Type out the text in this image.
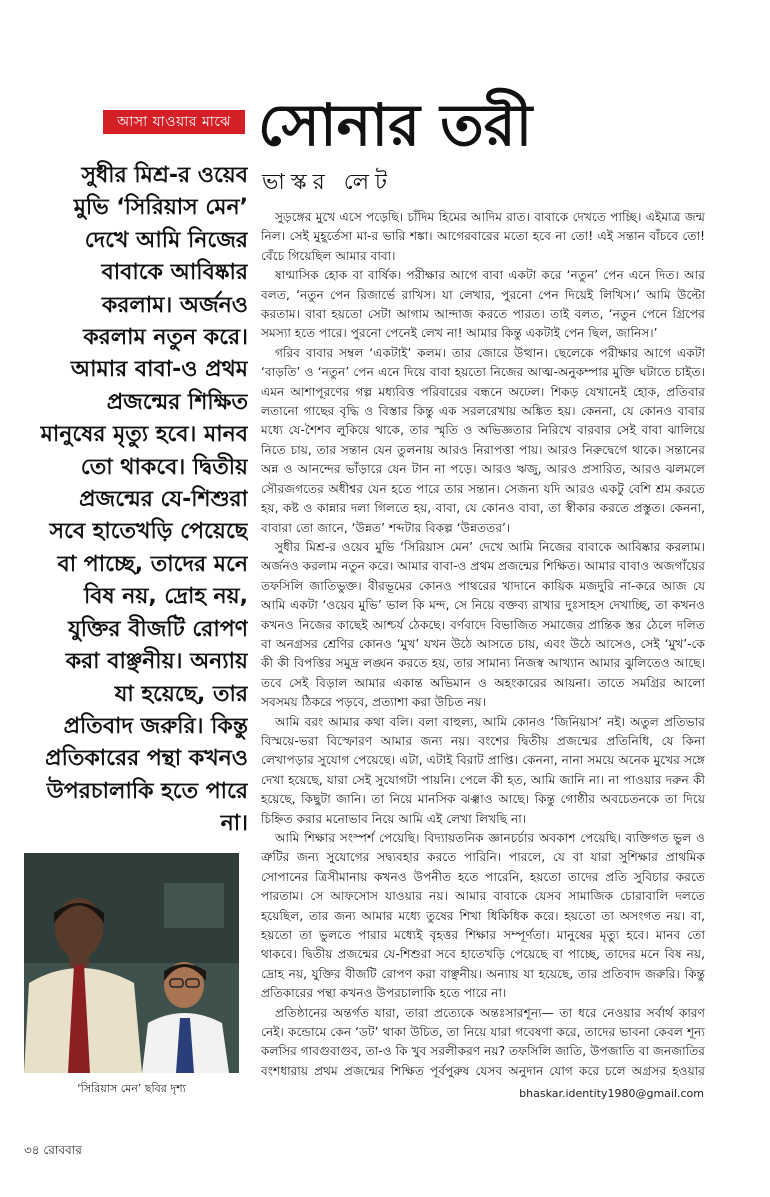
আসা যাওয়ার মাঝে সোনার তরী
ভাস্কর লেট

সুধীর মিশ্র-র ওয়েব মুভি ‘সিরিয়াস মেন’ দেখে আমি নিজের বাবাকে আবিষ্কার করলাম। অর্জনও করলাম নতুন করে। আমার বাবা-ও প্রথম প্রজন্মের শিক্ষিত মানুষের মৃত্যু হবে। মানব তো থাকবে। দ্বিতীয় প্রজন্মের যে-শিশুরা সবে হাতেখড়ি পেয়েছে বা পাচ্ছে, তাদের মনে বিষ নয়, দ্রোহ নয়, যুক্তির বীজটি রোপণ করা বাঞ্ছনীয়। অন্যায় যা হয়েছে, তার প্রতিবাদ জরুরি। কিন্তু প্রতিকারের পন্থা কখনও উপরচালাকি হতে পারে না।

‘সিরিয়াস মেন’ ছবির দৃশ্য

সুড়ঙ্গের মুখে এসে পড়েছি। চাঁদিম হিমের আদিম রাত। বাবাকে দেখতে পাচ্ছি। এইমাত্র জন্ম নিল। সেই মুহূর্তেসা মা-র ভারি শঙ্কা। আগেরবারের মতো হবে না তো! এই সন্তান বাঁচবে তো! বেঁচে গিয়েছিল আমার বাবা।

ষাণ্মাসিক হোক বা বার্ষিক। পরীক্ষার আগে বাবা একটা করে ‘নতুন’ পেন এনে দিত। আর বলত, ‘নতুন পেন রিজার্ভে রাখিস। যা লেখার, পুরনো পেন দিয়েই লিখিস।’ আমি উল্টো করতাম। বাবা হয়তো সেটা আগাম আন্দাজ করতে পারত। তাই বলত, ‘নতুন পেনে গ্রিপের সমস্যা হতে পারে। পুরনো পেনেই লেখ না! আমার কিন্তু একটাই পেন ছিল, জানিস।’

গরিব বাবার সম্বল ‘একটাই’ কলম। তার জোরে উত্থান। ছেলেকে পরীক্ষার আগে একটা ‘বাড়তি’ ও ‘নতুন’ পেন এনে দিয়ে বাবা হয়তো নিজের আত্ম-অনুকম্পার মুক্তি ঘটাতে চাইত। এমন আশাপূরণের গল্প মধ্যবিত্ত পরিবারের বন্ধনে অঢেল। শিকড় যেখানেই হোক, প্রতিবার লতানো গাছের বৃদ্ধি ও বিস্তার কিন্তু এক সরলরেখায় অঙ্কিত হয়। কেননা, যে কোনও বাবার মধ্যে যে-শৈশব লুকিয়ে থাকে, তার স্মৃতি ও অভিজ্ঞতার নিরিখে বারবার সেই বাবা ঝালিয়ে নিতে চায়, তার সন্তান যেন তুলনায় আরও নিরাপত্তা পায়। আরও নিরুদ্বেগে থাকে। সন্তানের অন্ন ও আনন্দের ভাঁড়ারে যেন টান না পড়ে। আরও ঋজু, আরও প্রসারিত, আরও ঝলমলে সৌরজগতের অধীশ্বর যেন হতে পারে তার সন্তান। সেজন্য যদি আরও একটু বেশি শ্রম করতে হয়, কষ্ট ও কান্নার দলা গিলতে হয়, বাবা, যে কোনও বাবা, তা স্বীকার করতে প্রস্তুত। কেননা, বাবারা তো জানে, ‘উন্নত’ শব্দটার বিকল্প ‘উন্নততর’।

সুধীর মিশ্র-র ওয়েব মুভি ‘সিরিয়াস মেন’ দেখে আমি নিজের বাবাকে আবিষ্কার করলাম। অর্জনও করলাম নতুন করে। আমার বাবা-ও প্রথম প্রজন্মের শিক্ষিত। আমার বাবাও অজগাঁয়ের তফসিলি জাতিভুক্ত। বীরভূমের কোনও পাথরের খাদানে কায়িক মজদুরি না-করে আজ যে আমি একটা ‘ওয়েব মুভি’ ভাল কি মন্দ, সে নিয়ে বক্তব্য রাখার দুঃসাহস দেখাচ্ছি, তা কখনও কখনও নিজের কাছেই আশ্চর্য ঠেকছে। বর্ণবাদে বিভাজিত সমাজের প্রান্তিক স্তর ঠেলে দলিত বা অনগ্রসর শ্রেণির কোনও ‘মুখ’ যখন উঠে আসতে চায়, এবং উঠে আসেও, সেই ‘মুখ’-কে কী কী বিপত্তির সমুদ্র লঙ্ঘন করতে হয়, তার সামান্য নিজস্ব আখ্যান আমার ঝুলিতেও আছে। তবে সেই বিড়াল আমার একান্ত অভিমান ও অহংকারের আয়না। তাতে সমগ্রির আলো সবসময় ঠিকরে পড়বে, প্রত্যাশা করা উচিত নয়।

আমি বরং আমার কথা বলি। বলা বাহুল্য, আমি কোনও ‘জিনিয়াস’ নই। অতুল প্রতিভার বিস্ময়ে-ভরা বিস্ফোরণ আমার জন্য নয়। বংশের দ্বিতীয় প্রজন্মের প্রতিনিধি, যে কিনা লেখাপড়ার সুযোগ পেয়েছে। এটা, এটাই বিরাট প্রাপ্তি। কেননা, নানা সময়ে অনেক মুখের সঙ্গে দেখা হয়েছে, যারা সেই সুযোগটা পায়নি। পেলে কী হত, আমি জানি না। না পাওয়ার দরুন কী হয়েছে, কিছুটা জানি। তা নিয়ে মানসিক ঝঞ্ঝাও আছে। কিন্তু গোষ্ঠীর অবচেতনকে তা দিয়ে চিহ্নিত করার মনোভাব নিয়ে আমি এই লেখা লিখছি না।

আমি শিক্ষার সংস্পর্শ পেয়েছি। বিদ্যায়তনিক জ্ঞানচর্চার অবকাশ পেয়েছি। ব্যক্তিগত ভুল ও ত্রুটির জন্য সুযোগের সদ্ব্যবহার করতে পারিনি। পারলে, যে বা যারা সুশিক্ষার প্রাথমিক সোপানের ত্রিসীমানায় কখনও উপনীত হতে পারেনি, হয়তো তাদের প্রতি সুবিচার করতে পারতাম। সে আফসোস যাওয়ার নয়। আমার বাবাকে যেসব সামাজিক চোরাবালি দলতে হয়েছিল, তার জন্য আমার মধ্যে তুষের শিখা ধিকিধিক করে। হয়তো তা অসংগত নয়। বা, হয়তো তা ভুলতে পারার মধ্যেই বৃহত্তর শিক্ষার সম্পূর্ণতা। মানুষের মৃত্যু হবে। মানব তো থাকবে। দ্বিতীয় প্রজন্মের যে-শিশুরা সবে হাতেখড়ি পেয়েছে বা পাচ্ছে, তাদের মনে বিষ নয়, দ্রোহ নয়, যুক্তির বীজটি রোপণ করা বাঞ্ছনীয়। অন্যায় যা হয়েছে, তার প্রতিবাদ জরুরি। কিন্তু প্রতিকারের পন্থা কখনও উপরচালাকি হতে পারে না।

প্রতিষ্ঠানের অন্তর্গত যারা, তারা প্রত্যেকে অন্তঃসারশূন্য— তা ধরে নেওয়ার সর্বার্থ কারণ নেই। কন্ডোমে কেন ‘ডট’ থাকা উচিত, তা নিয়ে যারা গবেষণা করে, তাদের ভাবনা কেবল শূন্য কলসির গাবগুবাগুব, তা-ও কি খুব সরলীকরণ নয়? তফসিলি জাতি, উপজাতি বা জনজাতির বংশধারায় প্রথম প্রজন্মের শিক্ষিত পূর্বপুরুষ যেসব অনুদান যোগ করে চলে অগ্রসর হওয়ার

bhaskar.identity1980@gmail.com
৩৪ রোববার
